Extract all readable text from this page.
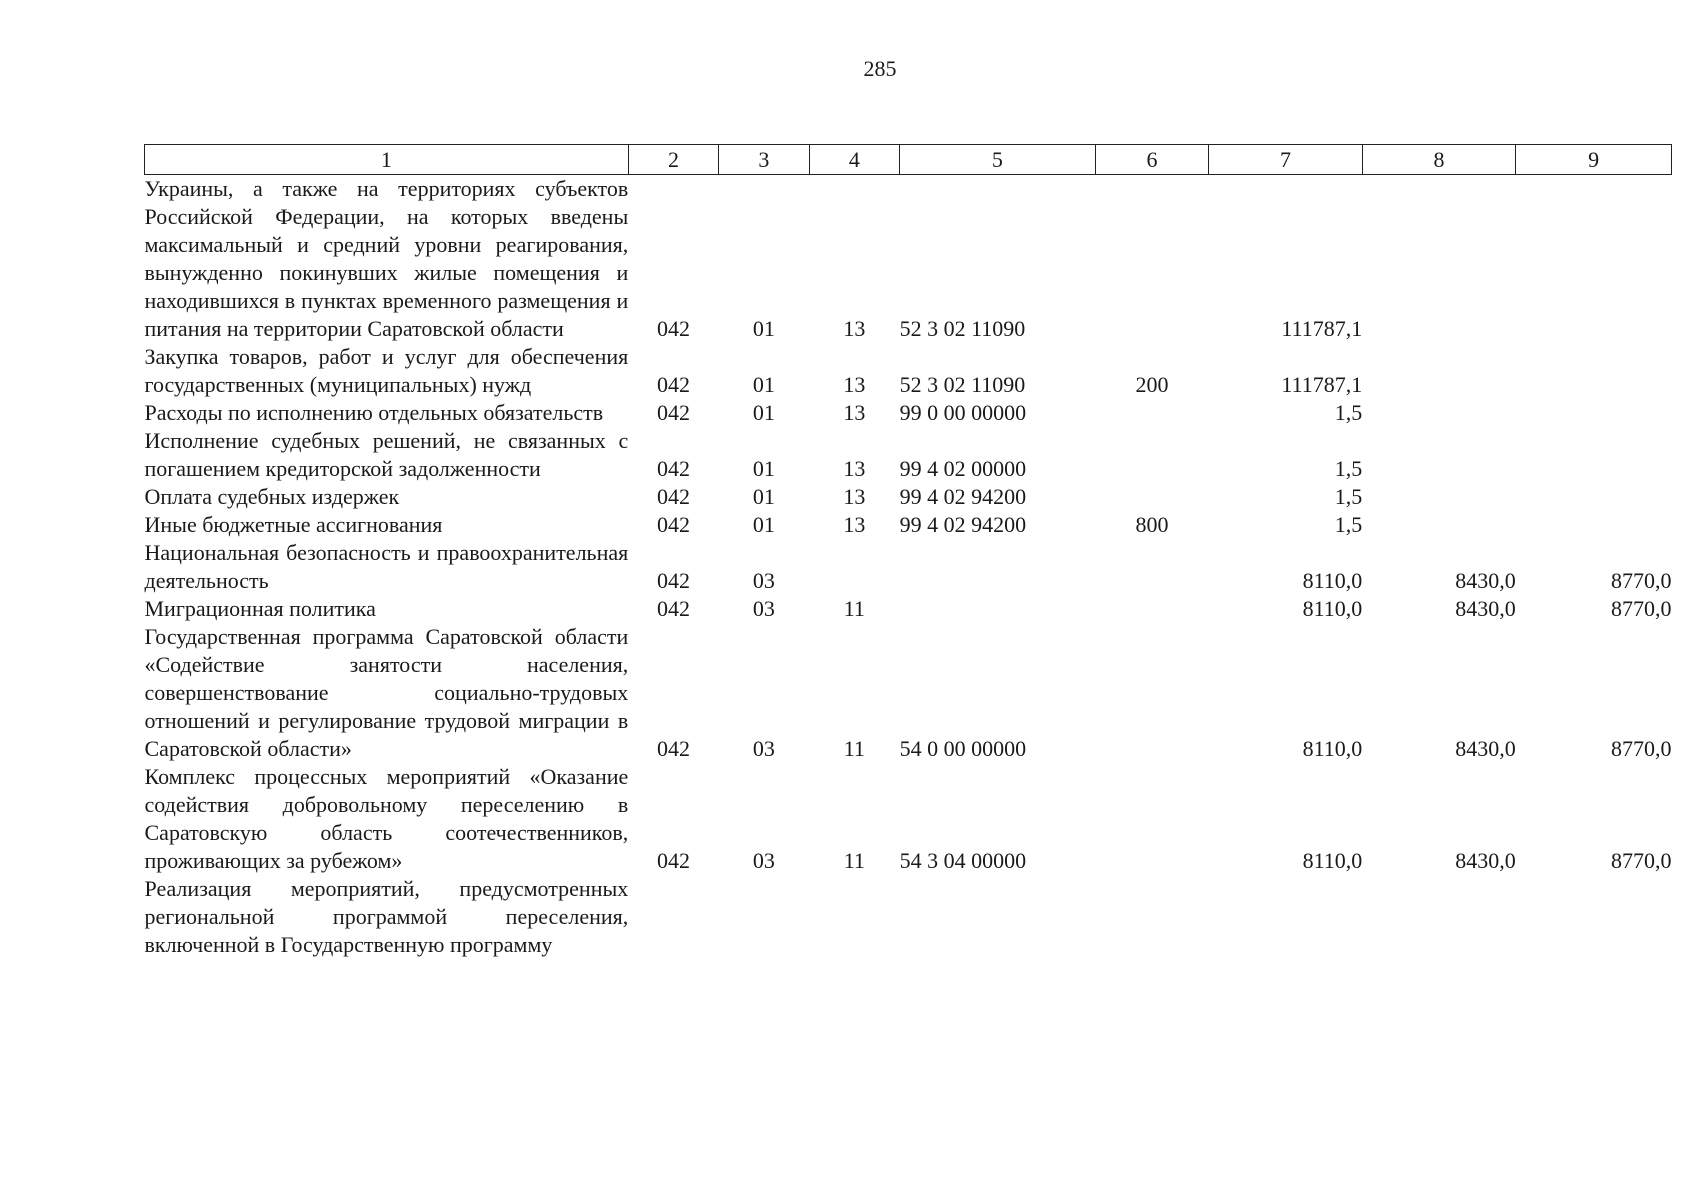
285
1	2	3	4	5	6	7	8	9
Украины, а также на территориях субъектов Российской Федерации, на которых введены максимальный и средний уровни реагирования, вынужденно покинувших жилые помещения и находившихся в пунктах временного размещения и питания на территории Саратовской области	042	01	13	52 3 02 11090		111787,1		
Закупка товаров, работ и услуг для обеспечения государственных (муниципальных) нужд	042	01	13	52 3 02 11090	200	111787,1		
Расходы по исполнению отдельных обязательств	042	01	13	99 0 00 00000		1,5		
Исполнение судебных решений, не связанных с погашением кредиторской задолженности	042	01	13	99 4 02 00000		1,5		
Оплата судебных издержек	042	01	13	99 4 02 94200		1,5		
Иные бюджетные ассигнования	042	01	13	99 4 02 94200	800	1,5		
Национальная безопасность и правоохранительная деятельность	042	03				8110,0	8430,0	8770,0
Миграционная политика	042	03	11			8110,0	8430,0	8770,0
Государственная программа Саратовской области «Содействие занятости населения, совершенствование социально-трудовых отношений и регулирование трудовой миграции в Саратовской области»	042	03	11	54 0 00 00000		8110,0	8430,0	8770,0
Комплекс процессных мероприятий «Оказание содействия добровольному переселению в Саратовскую область соотечественников, проживающих за рубежом»	042	03	11	54 3 04 00000		8110,0	8430,0	8770,0
Реализация мероприятий, предусмотренных региональной программой переселения, включенной в Государственную программу								
